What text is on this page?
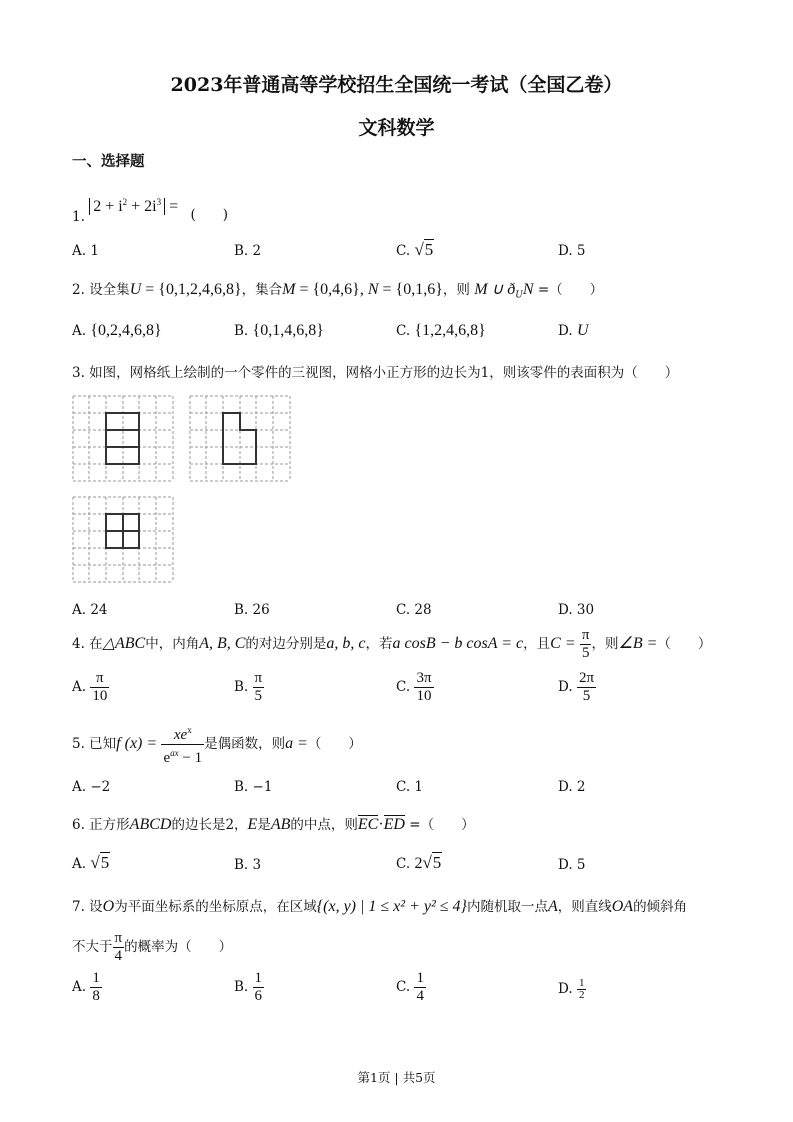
2023年普通高等学校招生全国统一考试（全国乙卷）
文科数学
一、选择题
1. $2 + i^2 + 2i^3$ = (　　)
A. 1	B. 2	C. √5	D. 5
2. 设全集U = {0,1,2,4,6,8}，集合M = {0,4,6}, N = {0,1,6}，则 M ∪ $ð_UN$ =（　　）
A. {0,2,4,6,8}	B. {0,1,4,6,8}	C. {1,2,4,6,8}	D. U
3. 如图，网格纸上绘制的一个零件的三视图，网格小正方形的边长为1，则该零件的表面积为（　　）
A. 24	B. 26	C. 28	D. 30
4. 在△ABC中，内角A, B, C的对边分别是a, b, c，若a cosB − b cosA = c，且$C = \frac{\pi}{5}$ ，则∠B =（　　）
A. $\frac{\pi}{10}$	B. $\frac{\pi}{5}$	C. $\frac{3\pi}{10}$	D. $\frac{2\pi}{5}$
5. 已知f $(x) = \frac{xe^x}{e^{ax} - 1}$ 是偶函数，则a =（　　）
A. −2	B. −1	C. 1	D. 2
6. 正方形ABCD的边长是2，E是AB的中点，则EC·ED =（　　）
A. √5	B. 3	C. 2√5	D. 5
7. 设O为平面坐标系的坐标原点，在区域{(x, y) | 1 ≤ x² + y² ≤ 4}内随机取一点A，则直线OA的倾斜角
不大于 $\frac{\pi}{4}$ 的概率为（　　）
A. $\frac{1}{8}$	B. $\frac{1}{6}$	C. $\frac{1}{4}$	D. $\frac{1}{2}$
第1页 | 共5页
